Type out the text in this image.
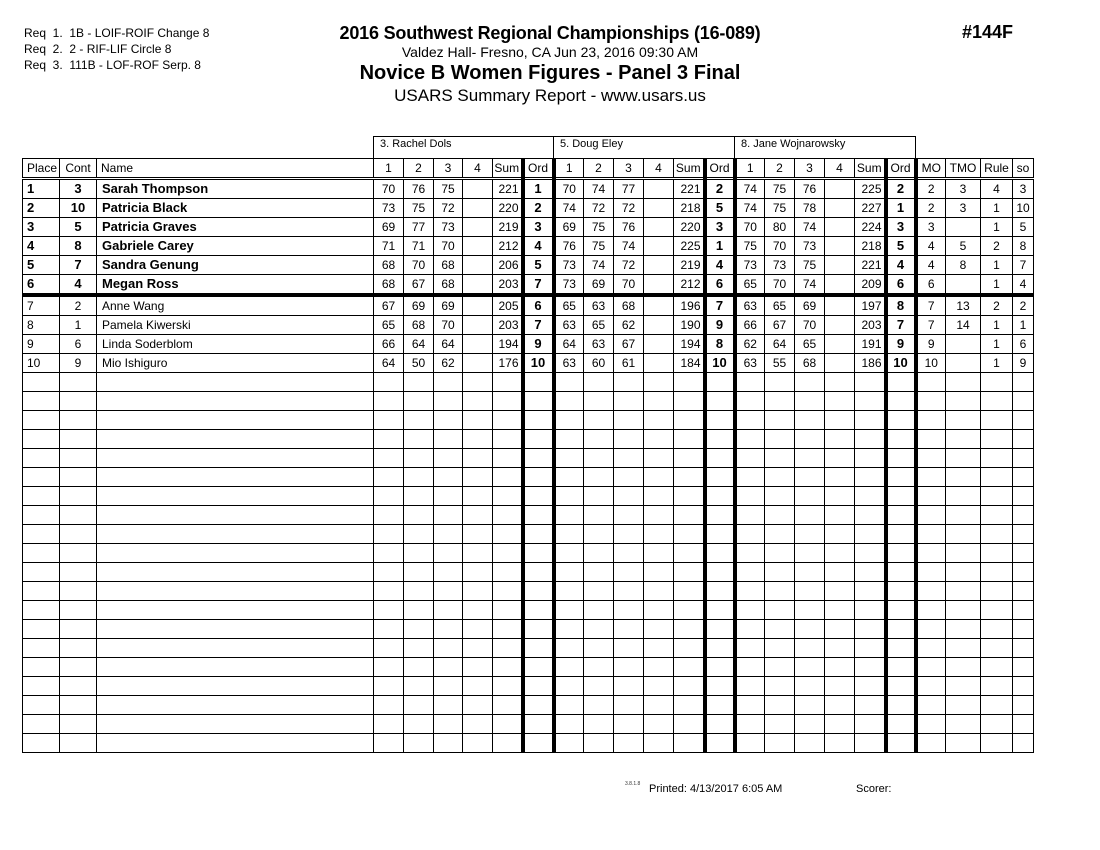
Req  1.  1B - LOIF-ROIF Change 8
Req  2.  2 - RIF-LIF Circle 8
Req  3.  111B - LOF-ROF Serp. 8
2016 Southwest Regional Championships (16-089)
Valdez Hall- Fresno, CA Jun 23, 2016 09:30 AM
Novice B Women Figures - Panel 3 Final
USARS Summary Report - www.usars.us
#144F
3. Rachel Dols	5. Doug Eley	8. Jane Wojnarowsky
Place	Cont	Name	1	2	3	4	Sum	Ord	1	2	3	4	Sum	Ord	1	2	3	4	Sum	Ord	MO	TMO	Rule	so
1	3	Sarah Thompson	70	76	75		221	1	70	74	77		221	2	74	75	76		225	2	2	3	4	3
2	10	Patricia Black	73	75	72		220	2	74	72	72		218	5	74	75	78		227	1	2	3	1	10
3	5	Patricia Graves	69	77	73		219	3	69	75	76		220	3	70	80	74		224	3	3		1	5
4	8	Gabriele Carey	71	71	70		212	4	76	75	74		225	1	75	70	73		218	5	4	5	2	8
5	7	Sandra Genung	68	70	68		206	5	73	74	72		219	4	73	73	75		221	4	4	8	1	7
6	4	Megan Ross	68	67	68		203	7	73	69	70		212	6	65	70	74		209	6	6		1	4
7	2	Anne Wang	67	69	69		205	6	65	63	68		196	7	63	65	69		197	8	7	13	2	2
8	1	Pamela Kiwerski	65	68	70		203	7	63	65	62		190	9	66	67	70		203	7	7	14	1	1
9	6	Linda Soderblom	66	64	64		194	9	64	63	67		194	8	62	64	65		191	9	9		1	6
10	9	Mio Ishiguro	64	50	62		176	10	63	60	61		184	10	63	55	68		186	10	10		1	9

3.8.1.8 Printed: 4/13/2017 6:05 AM	Scorer:
